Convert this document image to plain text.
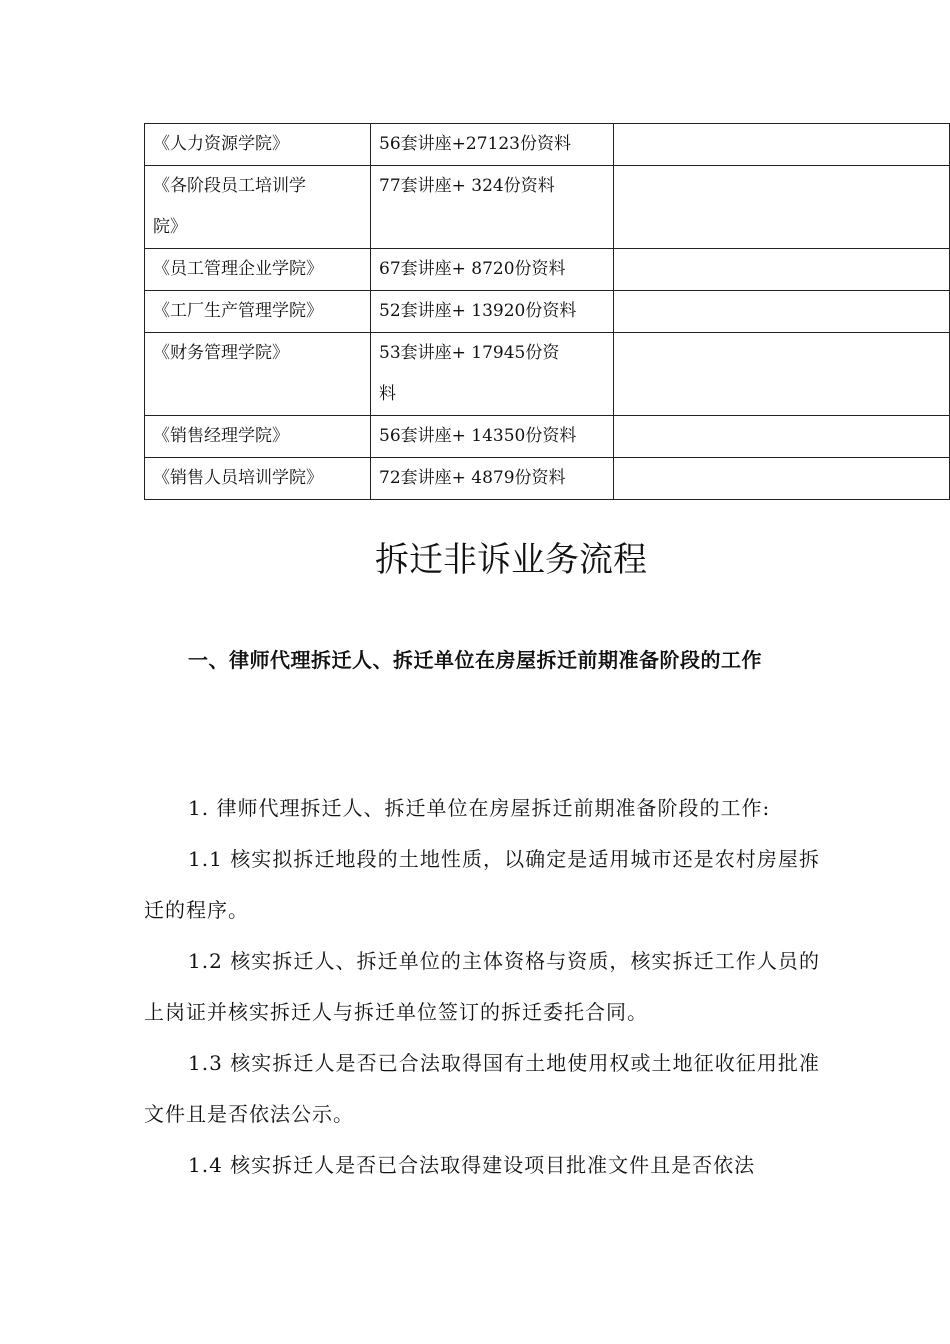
《人力资源学院》	56套讲座+27123份资料	
《各阶段员工培训学
院》	77套讲座+ 324份资料	
《员工管理企业学院》	67套讲座+ 8720份资料	
《工厂生产管理学院》	52套讲座+ 13920份资料	
《财务管理学院》	53套讲座+ 17945份资
料	
《销售经理学院》	56套讲座+ 14350份资料	
《销售人员培训学院》	72套讲座+ 4879份资料	
拆迁非诉业务流程
一、律师代理拆迁人、拆迁单位在房屋拆迁前期准备阶段的工作

1. 律师代理拆迁人、拆迁单位在房屋拆迁前期准备阶段的工作:

1.1 核实拟拆迁地段的土地性质，以确定是适用城市还是农村房屋拆迁的程序。

1.2 核实拆迁人、拆迁单位的主体资格与资质，核实拆迁工作人员的上岗证并核实拆迁人与拆迁单位签订的拆迁委托合同。

1.3 核实拆迁人是否已合法取得国有土地使用权或土地征收征用批准文件且是否依法公示。

1.4 核实拆迁人是否已合法取得建设项目批准文件且是否依法
